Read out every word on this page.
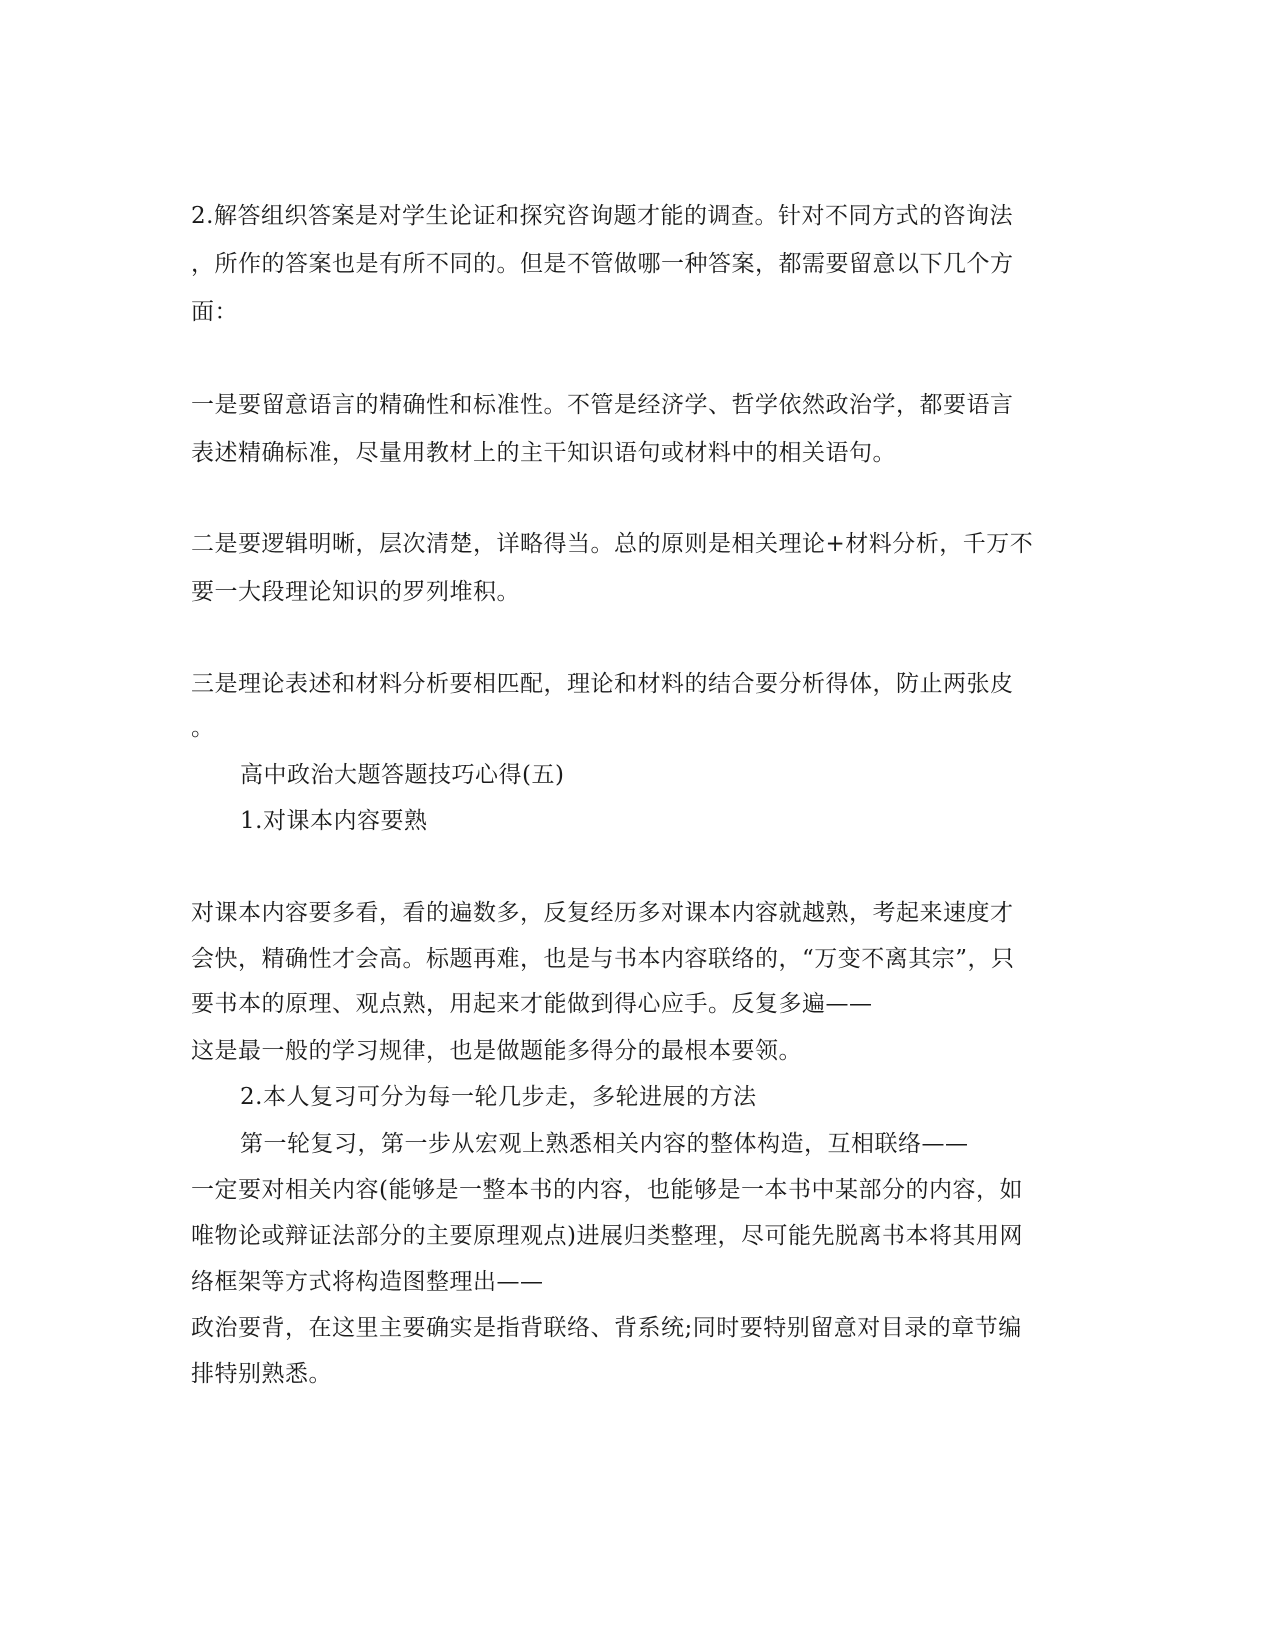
2.解答组织答案是对学生论证和探究咨询题才能的调查。针对不同方式的咨询法
，所作的答案也是有所不同的。但是不管做哪一种答案，都需要留意以下几个方
面：
一是要留意语言的精确性和标准性。不管是经济学、哲学依然政治学，都要语言
表述精确标准，尽量用教材上的主干知识语句或材料中的相关语句。
二是要逻辑明晰，层次清楚，详略得当。总的原则是相关理论+材料分析，千万不
要一大段理论知识的罗列堆积。
三是理论表述和材料分析要相匹配，理论和材料的结合要分析得体，防止两张皮
。
高中政治大题答题技巧心得(五)
1.对课本内容要熟
对课本内容要多看，看的遍数多，反复经历多对课本内容就越熟，考起来速度才
会快，精确性才会高。标题再难，也是与书本内容联络的，“万变不离其宗”，只
要书本的原理、观点熟，用起来才能做到得心应手。反复多遍——
这是最一般的学习规律，也是做题能多得分的最根本要领。
2.本人复习可分为每一轮几步走，多轮进展的方法
第一轮复习，第一步从宏观上熟悉相关内容的整体构造，互相联络——
一定要对相关内容(能够是一整本书的内容，也能够是一本书中某部分的内容，如
唯物论或辩证法部分的主要原理观点)进展归类整理，尽可能先脱离书本将其用网
络框架等方式将构造图整理出——
政治要背，在这里主要确实是指背联络、背系统;同时要特别留意对目录的章节编
排特别熟悉。
